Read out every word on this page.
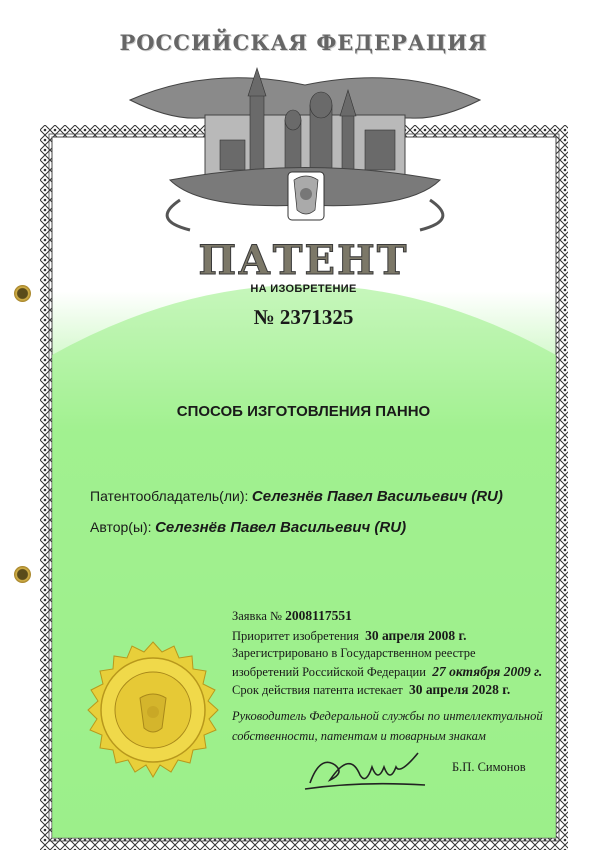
РОССИЙСКАЯ ФЕДЕРАЦИЯ
ПАТЕНТ
НА ИЗОБРЕТЕНИЕ
№ 2371325
СПОСОБ ИЗГОТОВЛЕНИЯ ПАННО
Патентообладатель(ли): Селезнёв Павел Васильевич (RU)
Автор(ы): Селезнёв Павел Васильевич (RU)
Заявка № 2008117551
Приоритет изобретения 30 апреля 2008 г.
Зарегистрировано в Государственном реестре
изобретений Российской Федерации 27 октября 2009 г.
Срок действия патента истекает 30 апреля 2028 г.
Руководитель Федеральной службы по интеллектуальной
собственности, патентам и товарным знакам
Б.П. Симонов
